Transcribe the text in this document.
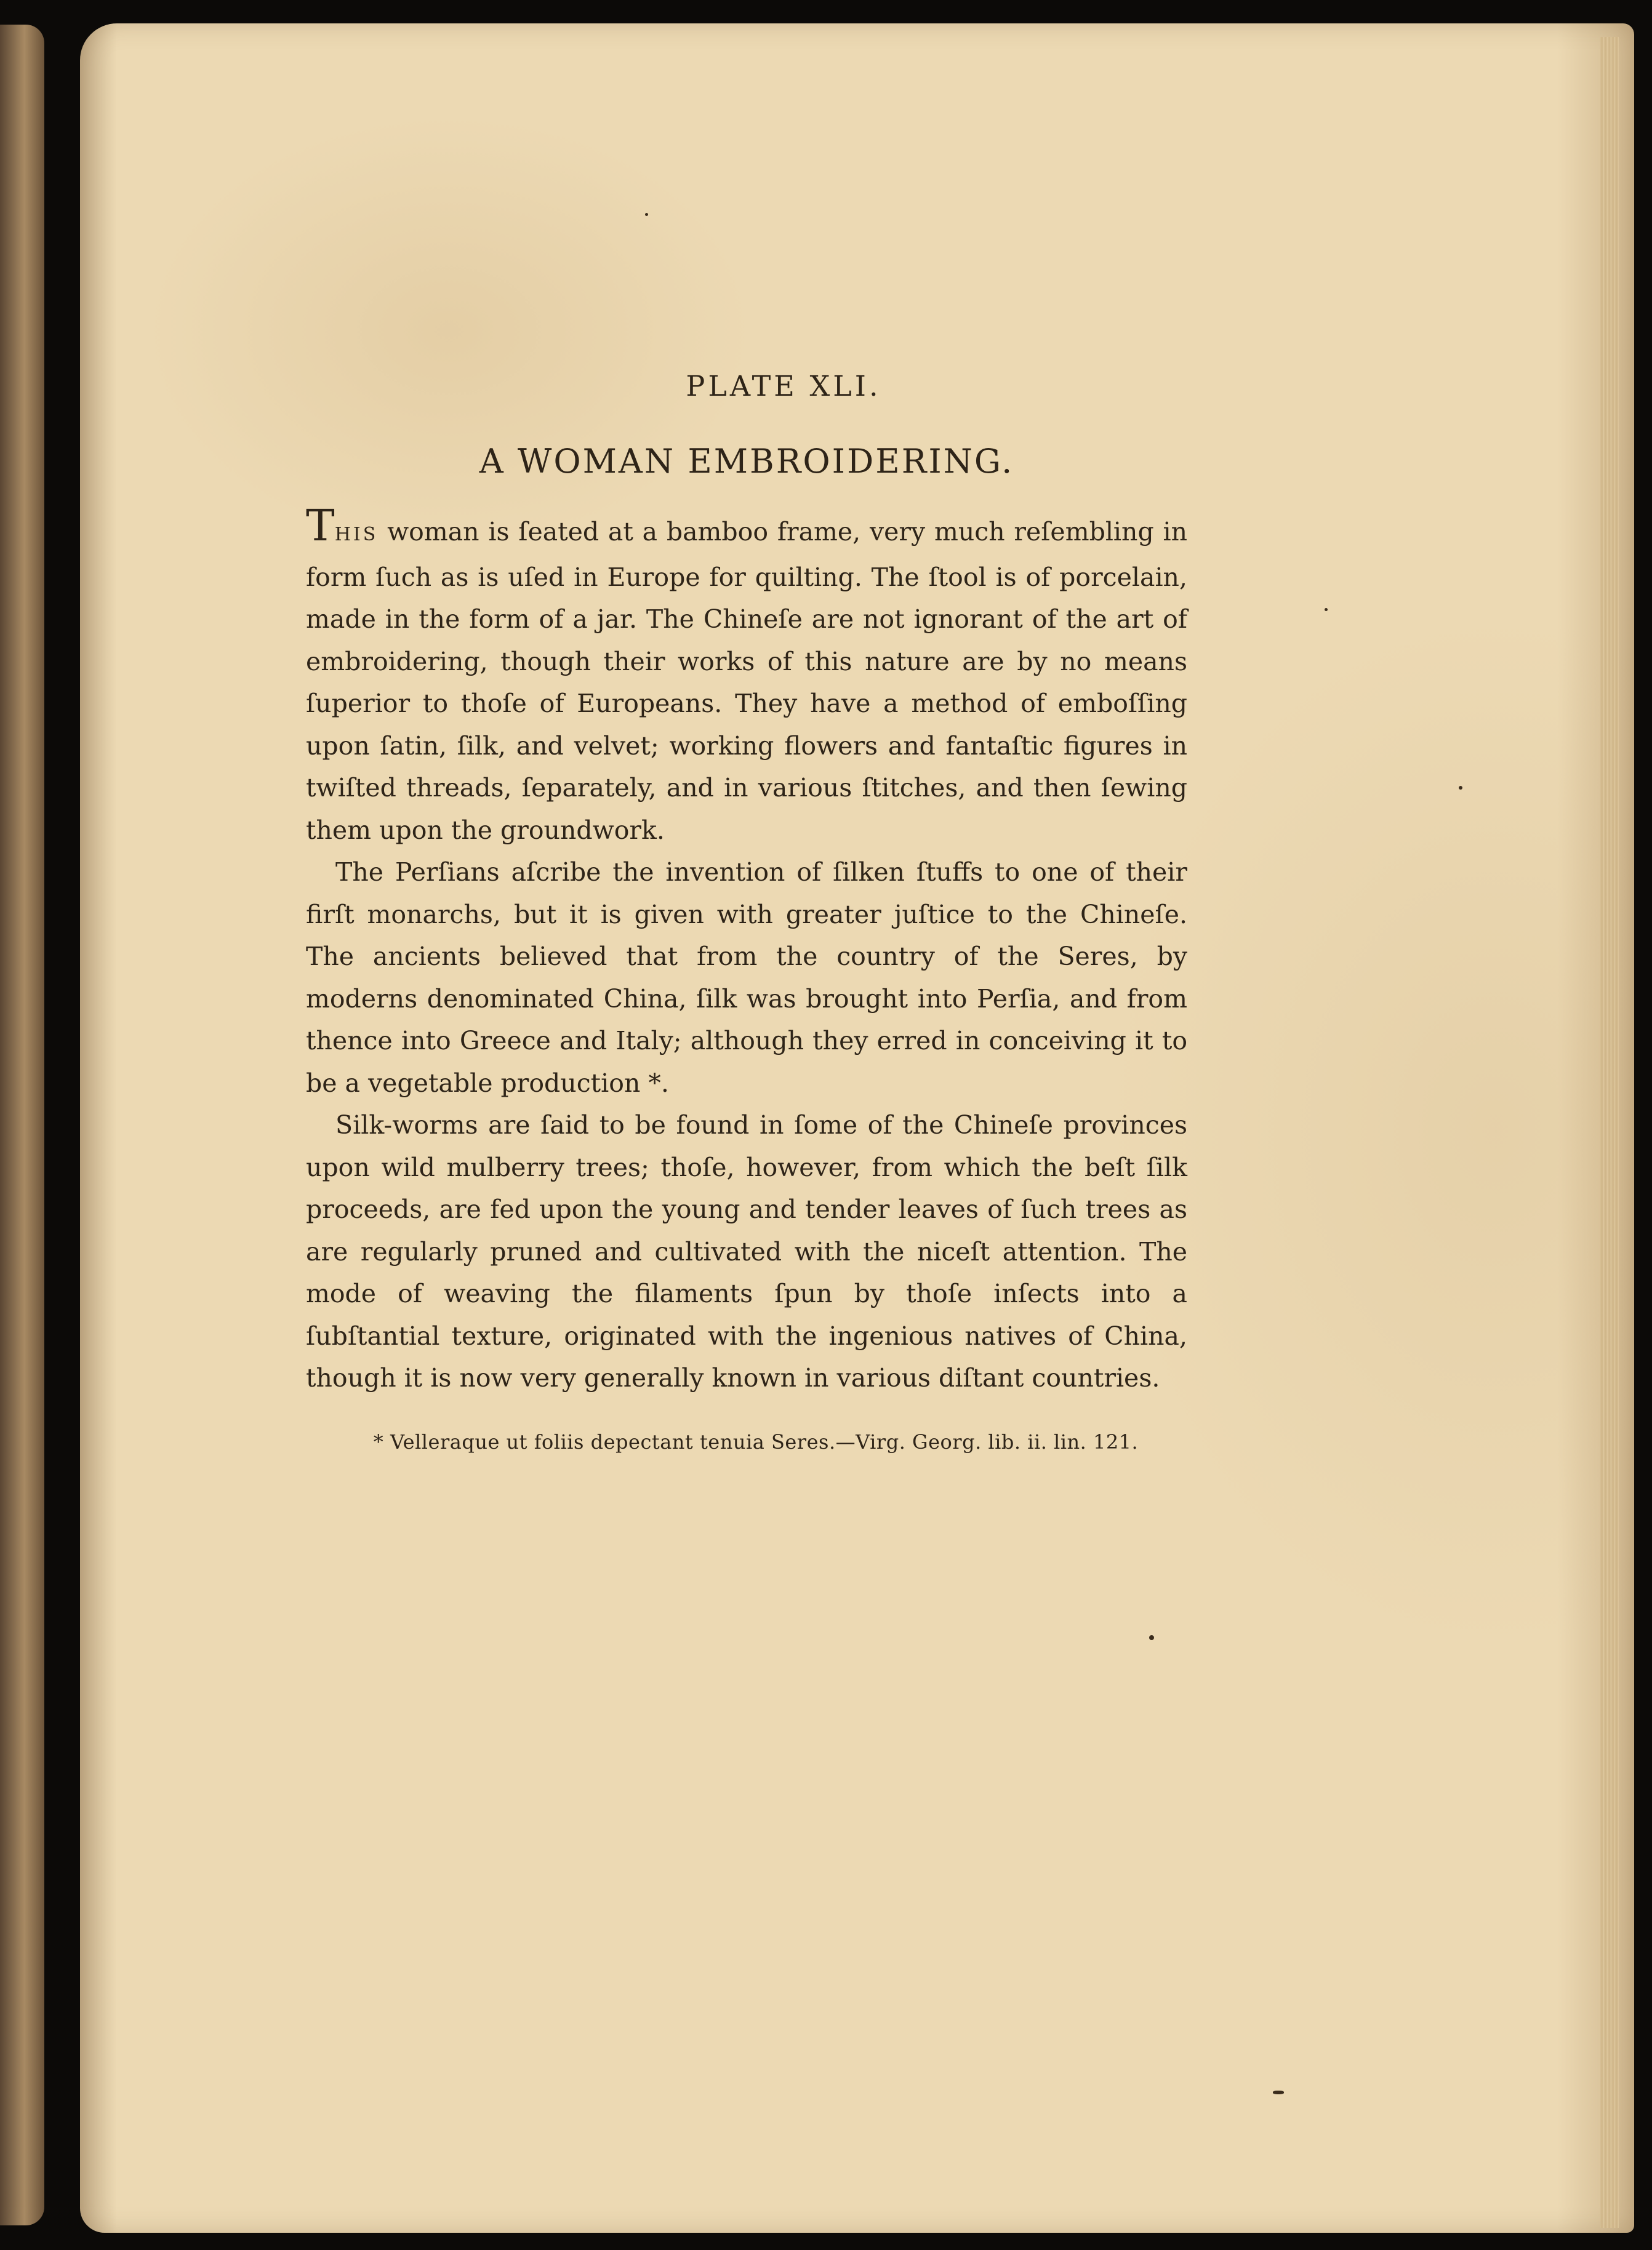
PLATE XLI.
A WOMAN EMBROIDERING.

THIS woman is ſeated at a bamboo frame, very much reſembling in form ſuch as is uſed in Europe for quilting. The ſtool is of porcelain, made in the form of a jar. The Chineſe are not ignorant of the art of embroidering, though their works of this nature are by no means ſuperior to thoſe of Europeans. They have a method of emboſſing upon ſatin, ſilk, and velvet; working flowers and fantaſtic figures in twiſted threads, ſeparately, and in various ſtitches, and then ſewing them upon the groundwork.

The Perſians aſcribe the invention of ſilken ſtuffs to one of their firſt monarchs, but it is given with greater juſtice to the Chineſe. The ancients believed that from the country of the Seres, by moderns denominated China, ſilk was brought into Perſia, and from thence into Greece and Italy; although they erred in conceiving it to be a vegetable production *.

Silk-worms are ſaid to be found in ſome of the Chineſe provinces upon wild mulberry trees; thoſe, however, from which the beſt ſilk proceeds, are fed upon the young and tender leaves of ſuch trees as are regularly pruned and cultivated with the niceſt attention. The mode of weaving the filaments ſpun by thoſe inſects into a ſubſtantial texture, originated with the ingenious natives of China, though it is now very generally known in various diſtant countries.

* Velleraque ut foliis depectant tenuia Seres.—Virg. Georg. lib. ii. lin. 121.
